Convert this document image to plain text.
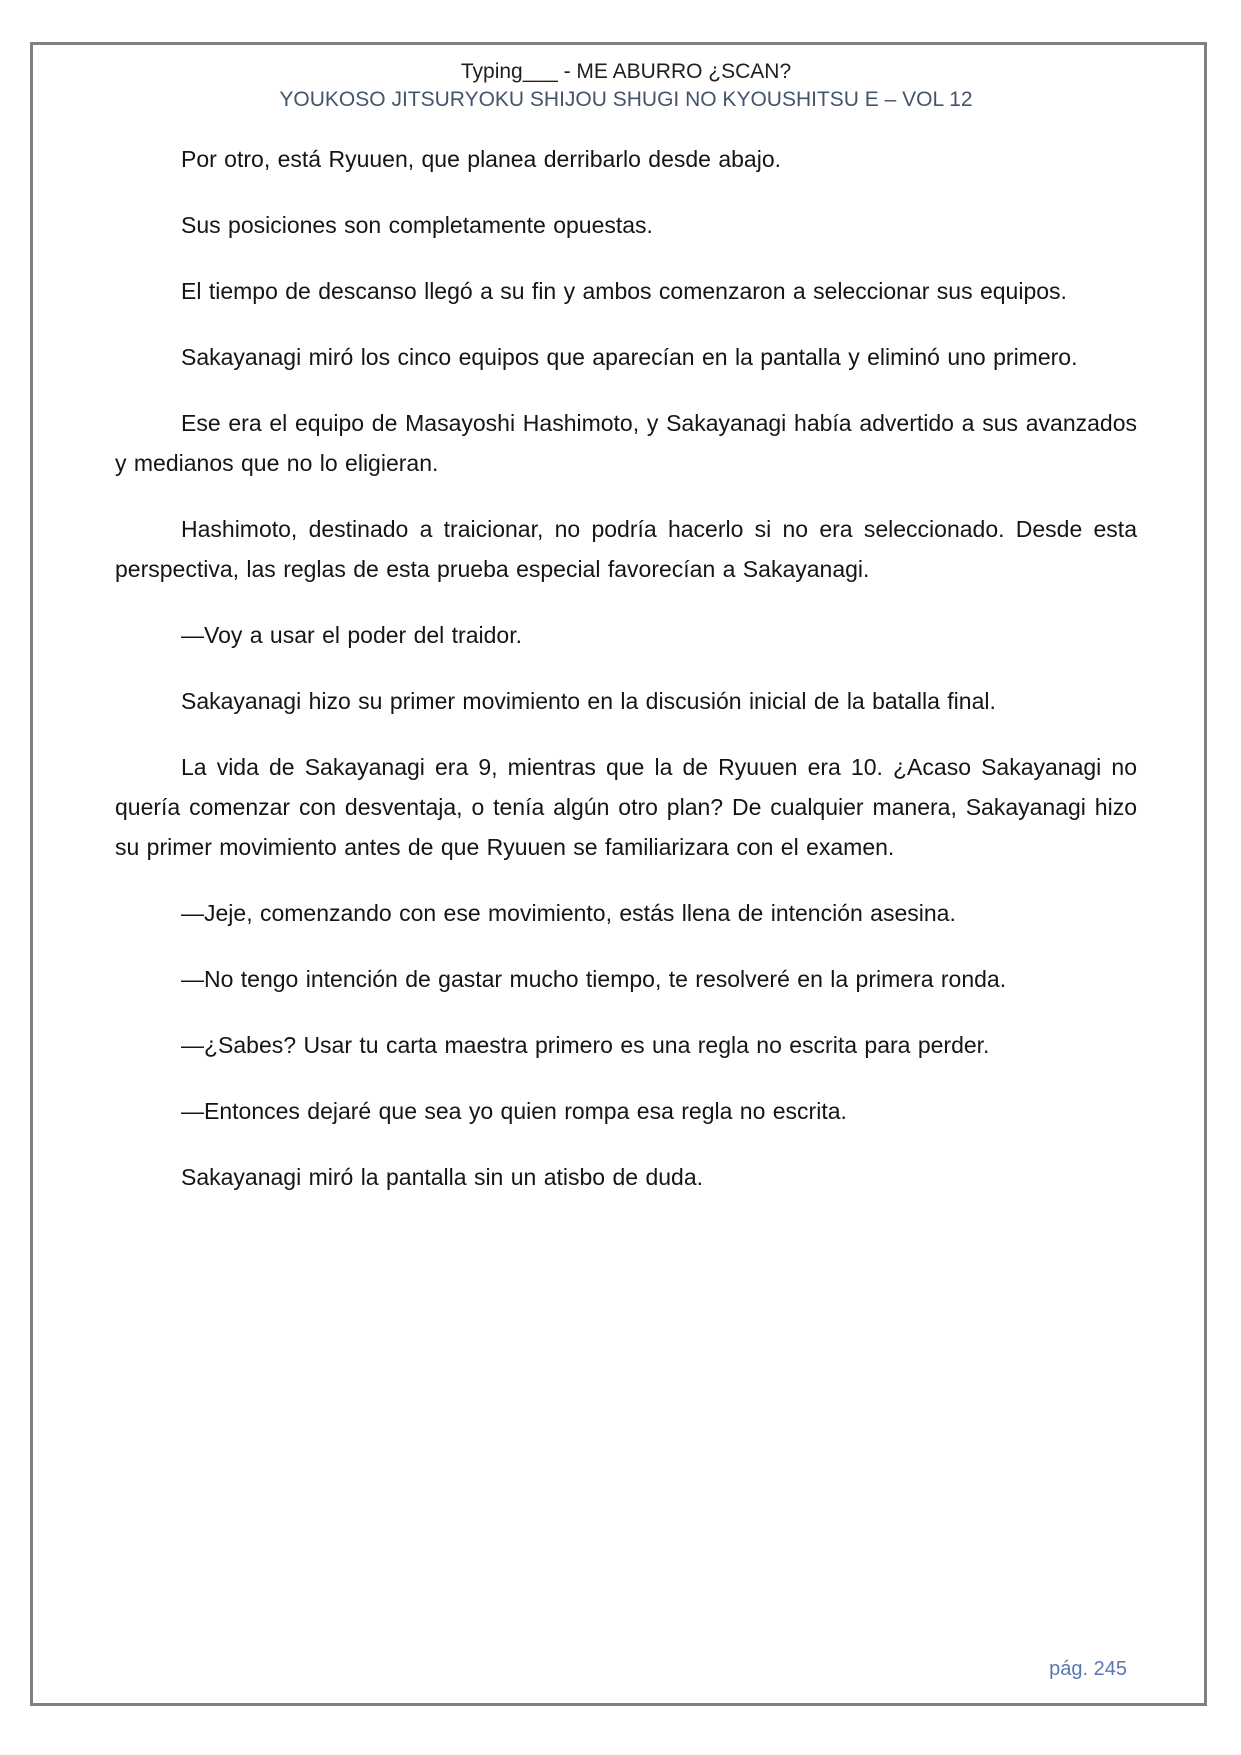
Typing___ - ME ABURRO ¿SCAN?
YOUKOSO JITSURYOKU SHIJOU SHUGI NO KYOUSHITSU E – VOL 12

Por otro, está Ryuuen, que planea derribarlo desde abajo.

Sus posiciones son completamente opuestas.

El tiempo de descanso llegó a su fin y ambos comenzaron a seleccionar sus equipos.

Sakayanagi miró los cinco equipos que aparecían en la pantalla y eliminó uno primero.

Ese era el equipo de Masayoshi Hashimoto, y Sakayanagi había advertido a sus avanzados y medianos que no lo eligieran.

Hashimoto, destinado a traicionar, no podría hacerlo si no era seleccionado. Desde esta perspectiva, las reglas de esta prueba especial favorecían a Sakayanagi.

—Voy a usar el poder del traidor.

Sakayanagi hizo su primer movimiento en la discusión inicial de la batalla final.

La vida de Sakayanagi era 9, mientras que la de Ryuuen era 10. ¿Acaso Sakayanagi no quería comenzar con desventaja, o tenía algún otro plan? De cualquier manera, Sakayanagi hizo su primer movimiento antes de que Ryuuen se familiarizara con el examen.

—Jeje, comenzando con ese movimiento, estás llena de intención asesina.

—No tengo intención de gastar mucho tiempo, te resolveré en la primera ronda.

—¿Sabes? Usar tu carta maestra primero es una regla no escrita para perder.

—Entonces dejaré que sea yo quien rompa esa regla no escrita.

Sakayanagi miró la pantalla sin un atisbo de duda.

pág. 245
